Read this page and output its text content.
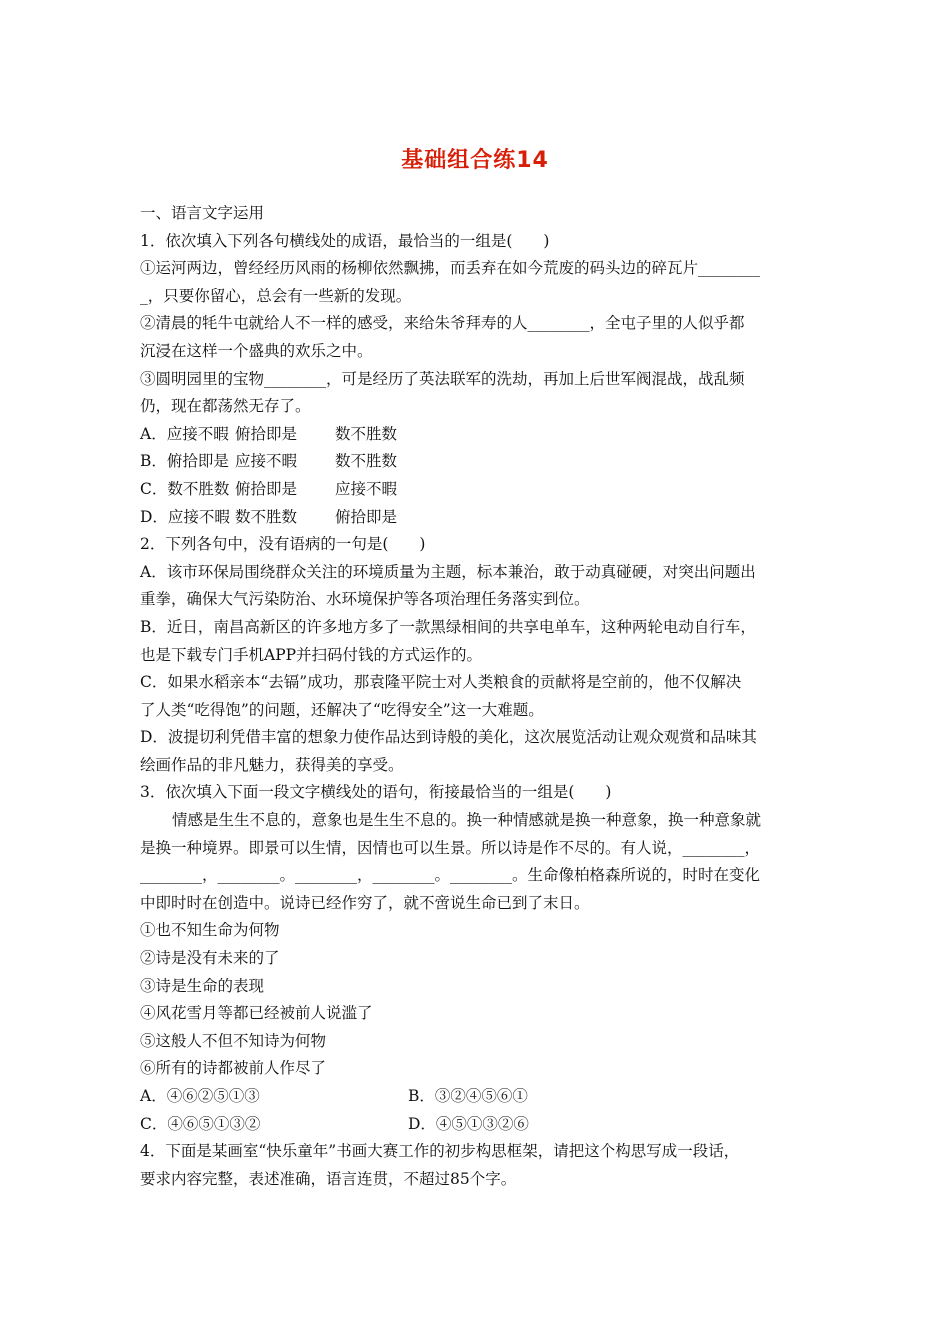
基础组合练14
一、语言文字运用
1．依次填入下列各句横线处的成语，最恰当的一组是(　　)
①运河两边，曾经经历风雨的杨柳依然飘拂，而丢弃在如今荒废的码头边的碎瓦片________
_，只要你留心，总会有一些新的发现。
②清晨的牦牛屯就给人不一样的感受，来给朱爷拜寿的人________，全屯子里的人似乎都
沉浸在这样一个盛典的欢乐之中。
③圆明园里的宝物________，可是经历了英法联军的洗劫，再加上后世军阀混战，战乱频
仍，现在都荡然无存了。
A．应接不暇 俯拾即是	数不胜数
B．俯拾即是 应接不暇	数不胜数
C．数不胜数 俯拾即是	应接不暇
D．应接不暇 数不胜数	俯拾即是
2．下列各句中，没有语病的一句是(　　)
A．该市环保局围绕群众关注的环境质量为主题，标本兼治，敢于动真碰硬，对突出问题出
重拳，确保大气污染防治、水环境保护等各项治理任务落实到位。
B．近日，南昌高新区的许多地方多了一款黑绿相间的共享电单车，这种两轮电动自行车，
也是下载专门手机APP并扫码付钱的方式运作的。
C．如果水稻亲本“去镉”成功，那袁隆平院士对人类粮食的贡献将是空前的，他不仅解决
了人类“吃得饱”的问题，还解决了“吃得安全”这一大难题。
D．波提切利凭借丰富的想象力使作品达到诗般的美化，这次展览活动让观众观赏和品味其
绘画作品的非凡魅力，获得美的享受。
3．依次填入下面一段文字横线处的语句，衔接最恰当的一组是(　　)
情感是生生不息的，意象也是生生不息的。换一种情感就是换一种意象，换一种意象就
是换一种境界。即景可以生情，因情也可以生景。所以诗是作不尽的。有人说，________，
________，________。________，________。________。生命像柏格森所说的，时时在变化
中即时时在创造中。说诗已经作穷了，就不啻说生命已到了末日。
①也不知生命为何物
②诗是没有未来的了
③诗是生命的表现
④风花雪月等都已经被前人说滥了
⑤这般人不但不知诗为何物
⑥所有的诗都被前人作尽了
A．④⑥②⑤①③	B．③②④⑤⑥①
C．④⑥⑤①③②	D．④⑤①③②⑥
4．下面是某画室“快乐童年”书画大赛工作的初步构思框架，请把这个构思写成一段话，
要求内容完整，表述准确，语言连贯，不超过85个字。
